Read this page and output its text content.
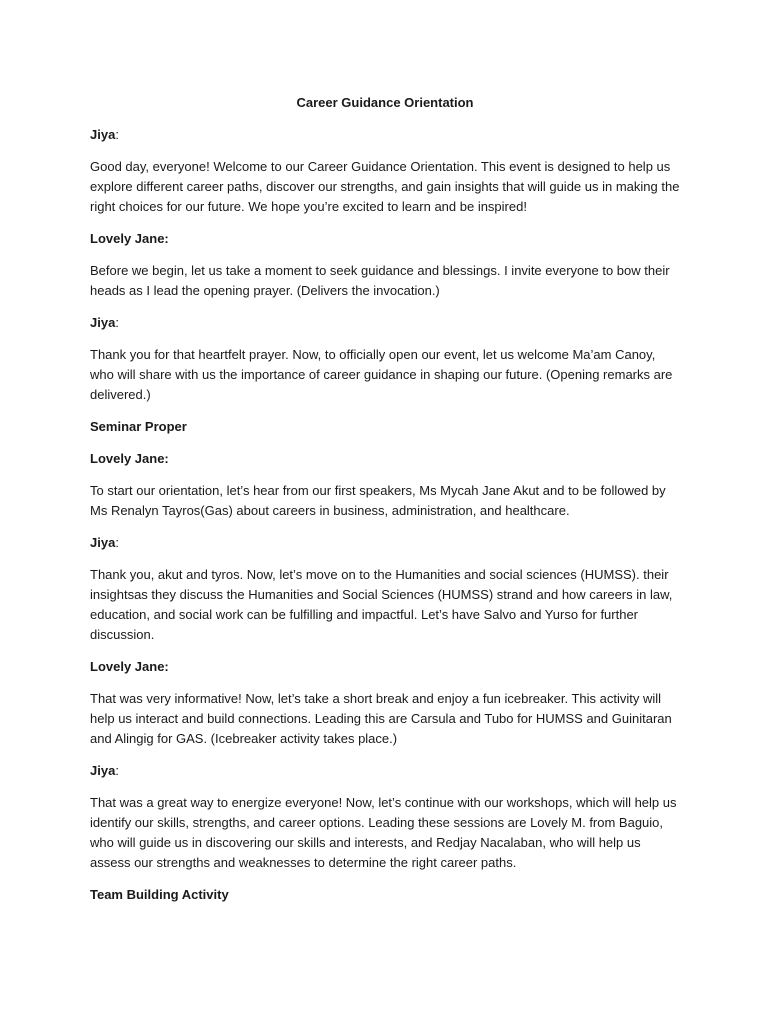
Career Guidance Orientation
Jiya:
Good day, everyone! Welcome to our Career Guidance Orientation. This event is designed to help us explore different career paths, discover our strengths, and gain insights that will guide us in making the right choices for our future. We hope you’re excited to learn and be inspired!
Lovely Jane:
Before we begin, let us take a moment to seek guidance and blessings. I invite everyone to bow their heads as I lead the opening prayer. (Delivers the invocation.)
Jiya:
Thank you for that heartfelt prayer. Now, to officially open our event, let us welcome Ma’am Canoy, who will share with us the importance of career guidance in shaping our future. (Opening remarks are delivered.)
Seminar Proper
Lovely Jane:
To start our orientation, let’s hear from our first speakers, Ms Mycah Jane Akut and to be followed by Ms Renalyn Tayros(Gas) about careers in business, administration, and healthcare.
Jiya:
Thank you, akut and tyros. Now, let’s move on to the Humanities and social sciences (HUMSS). their insightsas they discuss the Humanities and Social Sciences (HUMSS) strand and how careers in law, education, and social work can be fulfilling and impactful. Let’s have Salvo and Yurso for further discussion.
Lovely Jane:
That was very informative! Now, let’s take a short break and enjoy a fun icebreaker. This activity will help us interact and build connections. Leading this are Carsula and Tubo for HUMSS and Guinitaran and Alingig for GAS. (Icebreaker activity takes place.)
Jiya:
That was a great way to energize everyone! Now, let’s continue with our workshops, which will help us identify our skills, strengths, and career options. Leading these sessions are Lovely M. from Baguio, who will guide us in discovering our skills and interests, and Redjay Nacalaban, who will help us assess our strengths and weaknesses to determine the right career paths.
Team Building Activity
